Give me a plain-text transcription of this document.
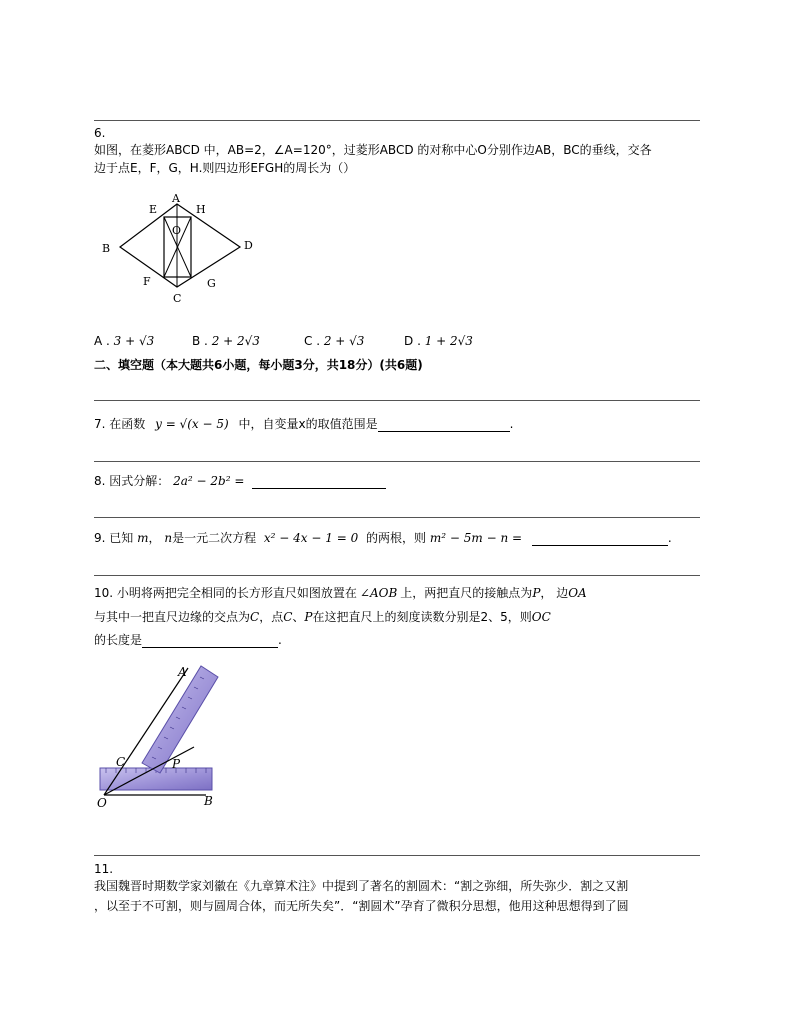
6.
如图，在菱形ABCD 中，AB=2，∠A=120°，过菱形ABCD 的对称中心O分别作边AB，BC的垂线，交各
边于点E，F，G，H.则四边形EFGH的周长为（）
A
E	H
O
B	D
F	G
C
A . 3 + √3	B . 2 + 2√3	C . 2 + √3	D . 1 + 2√3
二、填空题（本大题共6小题，每小题3分，共18分）(共6题)
7. 在函数 y = √(x − 5) 中，自变量x的取值范围是	.
8. 因式分解： 2a² − 2b² =
9. 已知 m， n是一元二次方程 x² − 4x − 1 = 0 的两根，则 m² − 5m − n =	.
10. 小明将两把完全相同的长方形直尺如图放置在 ∠AOB 上，两把直尺的接触点为P， 边OA
与其中一把直尺边缘的交点为C，点C、P在这把直尺上的刻度读数分别是2、5，则OC
的长度是	.
A
C	P
O	B
11.
我国魏晋时期数学家刘徽在《九章算术注》中提到了著名的割圆术：“割之弥细，所失弥少．割之又割
，以至于不可割，则与圆周合体，而无所失矣”．“割圆术”孕育了微积分思想，他用这种思想得到了圆
